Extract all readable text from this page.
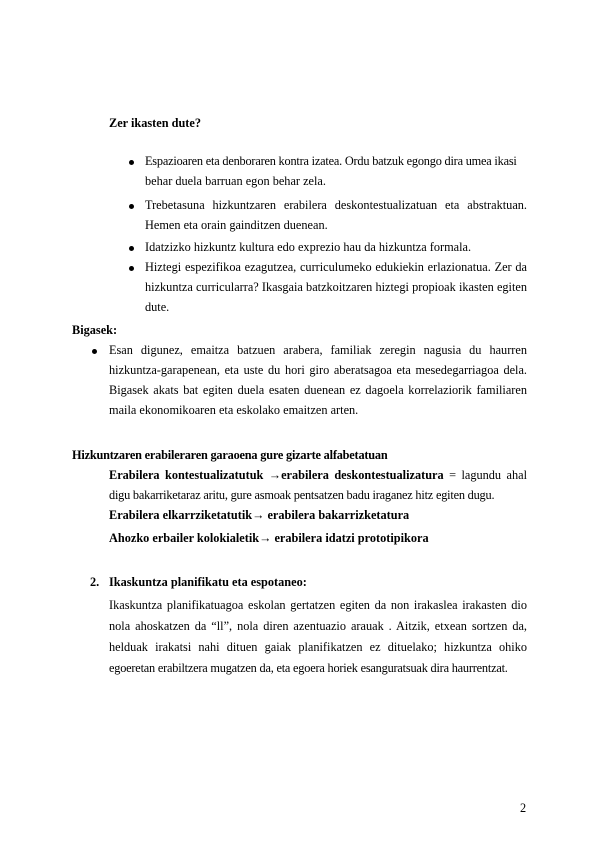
Zer ikasten dute?

Espazioaren eta denboraren kontra izatea. Ordu batzuk egongo dira umea ikasi

behar duela barruan egon behar zela.

Trebetasuna hizkuntzaren erabilera deskontestualizatuan eta abstraktuan.

Hemen eta orain gainditzen duenean.

Idatzizko hizkuntz kultura edo exprezio hau da hizkuntza formala.

Hiztegi espezifikoa ezagutzea, curriculumeko edukiekin erlazionatua. Zer da

hizkuntza curricularra? Ikasgaia batzkoitzaren hiztegi propioak ikasten egiten

dute.

Bigasek:

Esan digunez, emaitza batzuen arabera, familiak zeregin nagusia du haurren

hizkuntza-garapenean, eta uste du hori giro aberatsagoa eta mesedegarriagoa dela.

Bigasek akats bat egiten duela esaten duenean ez dagoela korrelaziorik familiaren

maila ekonomikoaren eta eskolako emaitzen arten.

Hizkuntzaren erabileraren garaoena gure gizarte alfabetatuan

Erabilera kontestualizatutuk →erabilera deskontestualizatura = lagundu ahal

digu bakarriketaraz aritu, gure asmoak pentsatzen badu iraganez hitz egiten dugu.

Erabilera elkarrziketatutik→ erabilera bakarrizketatura

Ahozko erbailer kolokialetik→ erabilera idatzi prototipikora

2. Ikaskuntza planifikatu eta espotaneo:

Ikaskuntza planifikatuagoa eskolan gertatzen egiten da non irakaslea irakasten dio

nola ahoskatzen da “ll”, nola diren azentuazio arauak . Aitzik, etxean sortzen da,

helduak irakatsi nahi dituen gaiak planifikatzen ez dituelako; hizkuntza ohiko

egoeretan erabiltzera mugatzen da, eta egoera horiek esanguratsuak dira haurrentzat.

2
